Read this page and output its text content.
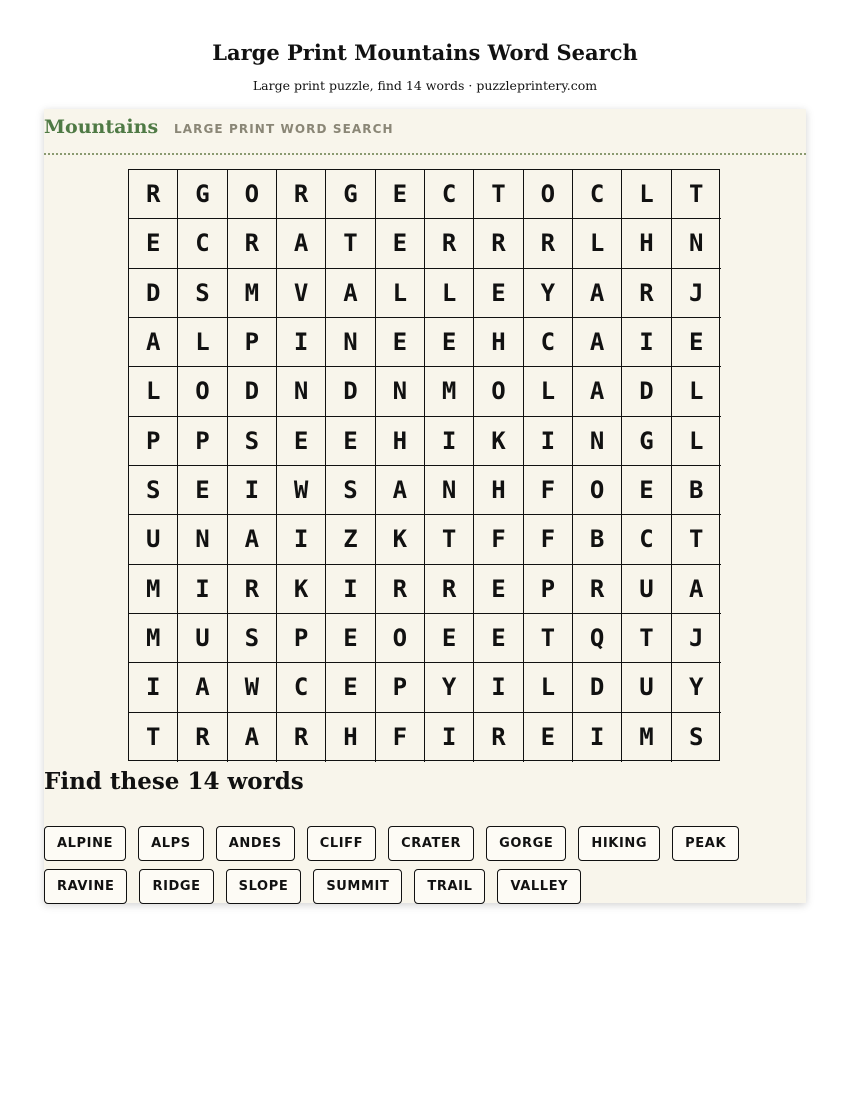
Large Print Mountains Word Search

Large print puzzle, find 14 words · puzzleprintery.com

Mountains LARGE PRINT WORD SEARCH
R	G	O	R	G	E	C	T	O	C	L	T
E	C	R	A	T	E	R	R	R	L	H	N
D	S	M	V	A	L	L	E	Y	A	R	J
A	L	P	I	N	E	E	H	C	A	I	E
L	O	D	N	D	N	M	O	L	A	D	L
P	P	S	E	E	H	I	K	I	N	G	L
S	E	I	W	S	A	N	H	F	O	E	B
U	N	A	I	Z	K	T	F	F	B	C	T
M	I	R	K	I	R	R	E	P	R	U	A
M	U	S	P	E	O	E	E	T	Q	T	J
I	A	W	C	E	P	Y	I	L	D	U	Y
T	R	A	R	H	F	I	R	E	I	M	S
Find these 14 words
ALPINE	ALPS	ANDES	CLIFF	CRATER	GORGE	HIKING	PEAK
RAVINE	RIDGE	SLOPE	SUMMIT	TRAIL	VALLEY
